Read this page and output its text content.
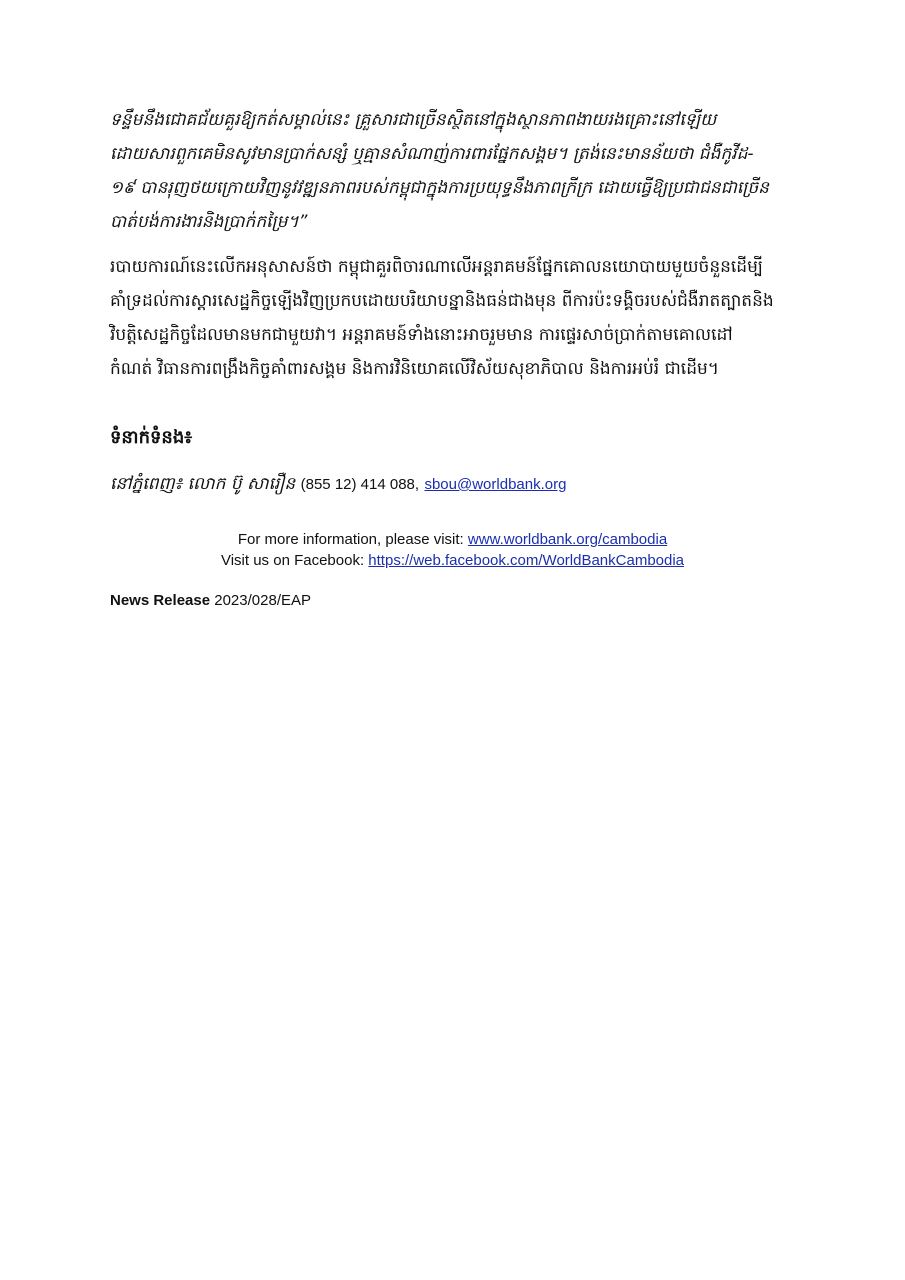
ទន្ទឹមនឹងជោគជ័យគួរឱ្យកត់សម្គាល់នេះ គ្រួសារជាច្រើនស្ថិតនៅក្នុងស្ថានភាពងាយរងគ្រោះនៅឡើយ
ដោយសារពួកគេមិនសូវមានប្រាក់សន្សំ ឬគ្មានសំណាញ់ការពារផ្នែកសង្គម។ ត្រង់នេះមានន័យថា ជំងឺកូវីដ-
១៩ បានរុញថយក្រោយវិញនូវវឌ្ឍនភាពរបស់កម្ពុជាក្នុងការប្រយុទ្ធនឹងភាពក្រីក្រ ដោយធ្វើឱ្យប្រជាជនជាច្រើន
បាត់បង់ការងារនិងប្រាក់កម្រៃ។”

របាយការណ៍នេះលើកអនុសាសន៍ថា កម្ពុជាគួរពិចារណាលើអន្តរាគមន៍ផ្នែកគោលនយោបាយមួយចំនួនដើម្បី
គាំទ្រដល់ការស្តារសេដ្ឋកិច្ចឡើងវិញប្រកបដោយបរិយាបន្នានិងធន់ជាងមុន ពីការប៉ះទង្គិចរបស់ជំងឺរាតត្បាតនិង
វិបត្តិសេដ្ឋកិច្ចដែលមានមកជាមួយវា។ អន្តរាគមន៍ទាំងនោះអាចរួមមាន ការផ្ទេរសាច់ប្រាក់តាមគោលដៅ
កំណត់ វិធានការពង្រឹងកិច្ចគាំពារសង្គម និងការវិនិយោគលើវិស័យសុខាភិបាល និងការអប់រំ ជាដើម។

ទំនាក់ទំនង៖
នៅភ្នំពេញ៖ លោក ប៊ូ សារឿន (855 12) 414 088, sbou@worldbank.org
For more information, please visit: www.worldbank.org/cambodia
Visit us on Facebook: https://web.facebook.com/WorldBankCambodia
News Release 2023/028/EAP
